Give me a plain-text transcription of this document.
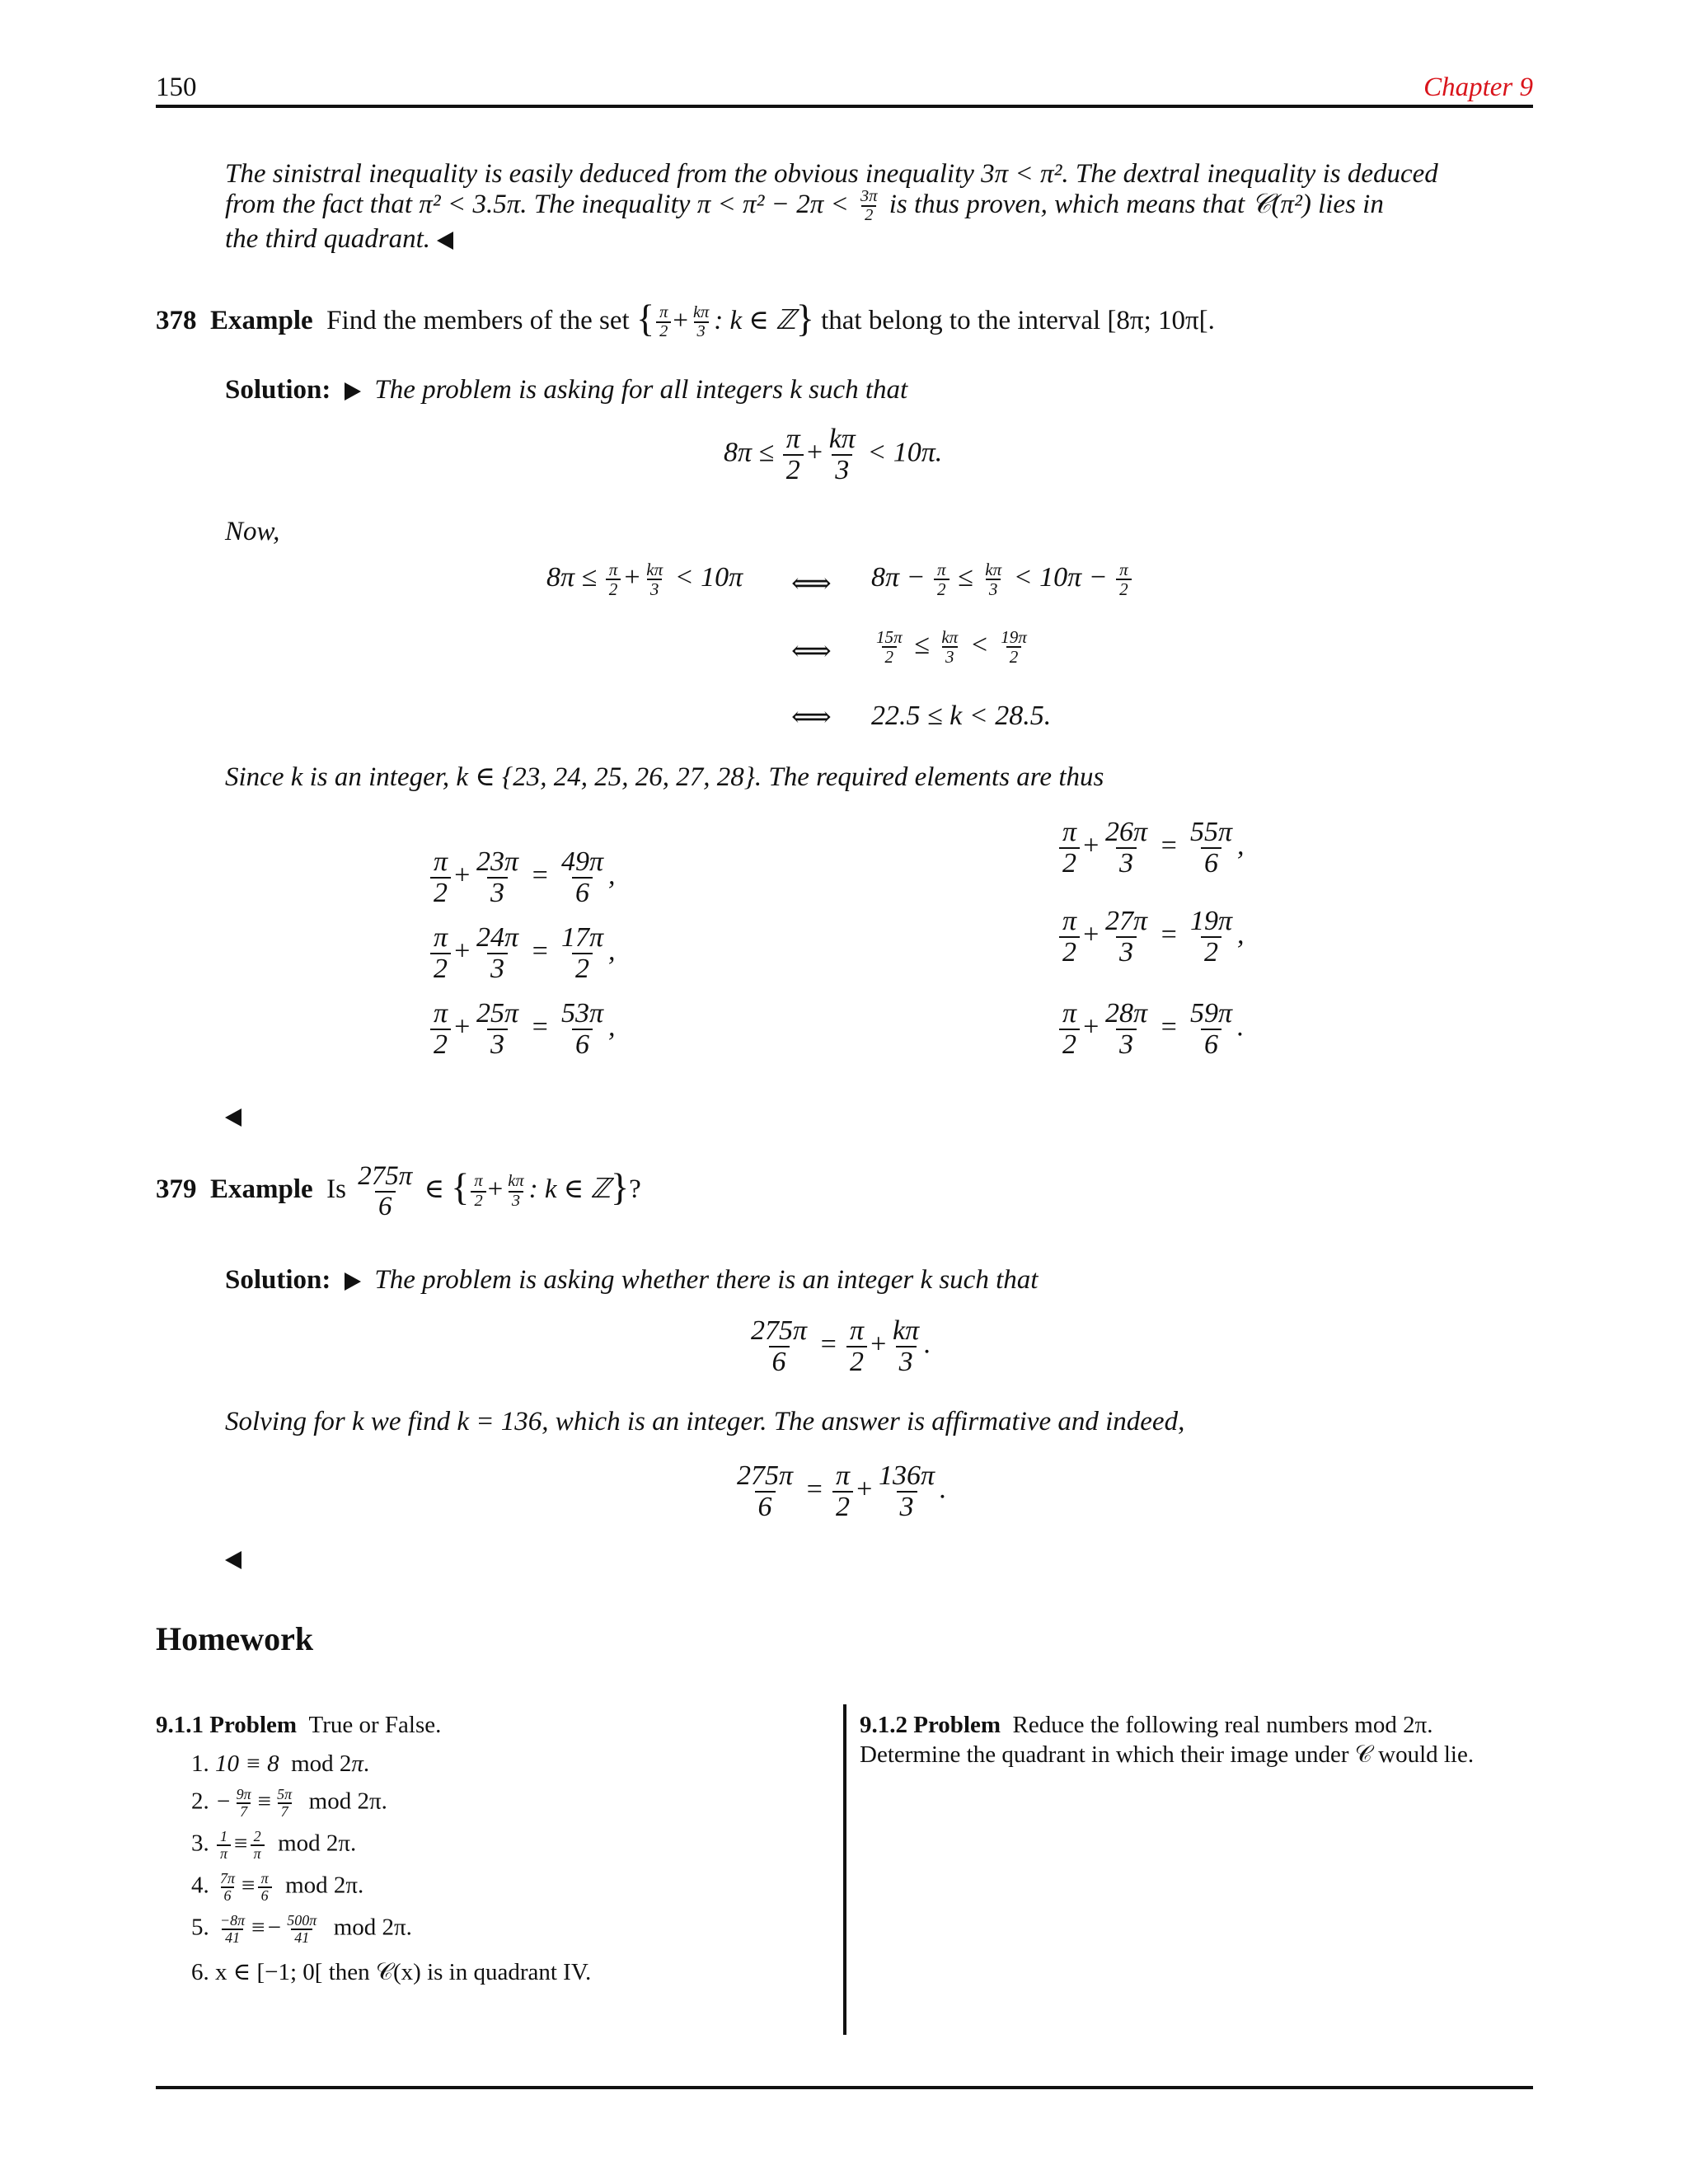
150	Chapter 9
The sinistral inequality is easily deduced from the obvious inequality 3π < π². The dextral inequality is deduced
from the fact that π² < 3.5π. The inequality $\pi < \pi^2 - 2\pi < \frac{3\pi}{2}$ is thus proven, which means that 𝒞(π²) lies in
the third quadrant.
378 Example Find the members of the set { $\frac{\pi}{2} + \frac{k\pi}{3}$ : k ∈ ℤ} that belong to the interval [8π; 10π[.
Solution: The problem is asking for all integers k such that
$8\pi \le \frac{\pi}{2} + \frac{k\pi}{3} < 10\pi$.
Now,
$8\pi \le \frac{\pi}{2} + \frac{k\pi}{3} < 10\pi$ ⟺ $8\pi - \frac{\pi}{2} \le \frac{k\pi}{3} < 10\pi - \frac{\pi}{2}$
⟺ $\frac{15\pi}{2} \le \frac{k\pi}{3} < \frac{19\pi}{2}$
⟺ 22.5 ≤ k < 28.5.
Since k is an integer, k ∈ {23, 24, 25, 26, 27, 28}. The required elements are thus
$\frac{\pi}{2} + \frac{23\pi}{3} = \frac{49\pi}{6}$ ,
$\frac{\pi}{2} + \frac{24\pi}{3} = \frac{17\pi}{2}$ ,
$\frac{\pi}{2} + \frac{25\pi}{3} = \frac{53\pi}{6}$ ,
$\frac{\pi}{2} + \frac{26\pi}{3} = \frac{55\pi}{6}$ ,
$\frac{\pi}{2} + \frac{27\pi}{3} = \frac{19\pi}{2}$ ,
$\frac{\pi}{2} + \frac{28\pi}{3} = \frac{59\pi}{6}$ .
379 Example Is $\frac{275\pi}{6}$ ∈ { $\frac{\pi}{2} + \frac{k\pi}{3}$ : k ∈ ℤ}?
Solution: The problem is asking whether there is an integer k such that
$\frac{275\pi}{6} = \frac{\pi}{2} + \frac{k\pi}{3}$ .
Solving for k we find k = 136, which is an integer. The answer is affirmative and indeed,
$\frac{275\pi}{6} = \frac{\pi}{2} + \frac{136\pi}{3}$ .
Homework
9.1.1 Problem True or False.
1. 10 ≡ 8  mod 2π.
2. − $\frac{9\pi}{7} \equiv \frac{5\pi}{7}$ mod 2π.
3. $\frac{1}{\pi} \equiv \frac{2}{\pi}$ mod 2π.
4. $\frac{7\pi}{6} \equiv \frac{\pi}{6}$ mod 2π.
5. $\frac{-8\pi}{41} \equiv- \frac{500\pi}{41}$ mod 2π.
6. x ∈ [−1; 0[ then 𝒞(x) is in quadrant IV.
9.1.2 Problem Reduce the following real numbers mod 2π.
Determine the quadrant in which their image under 𝒞 would lie.
